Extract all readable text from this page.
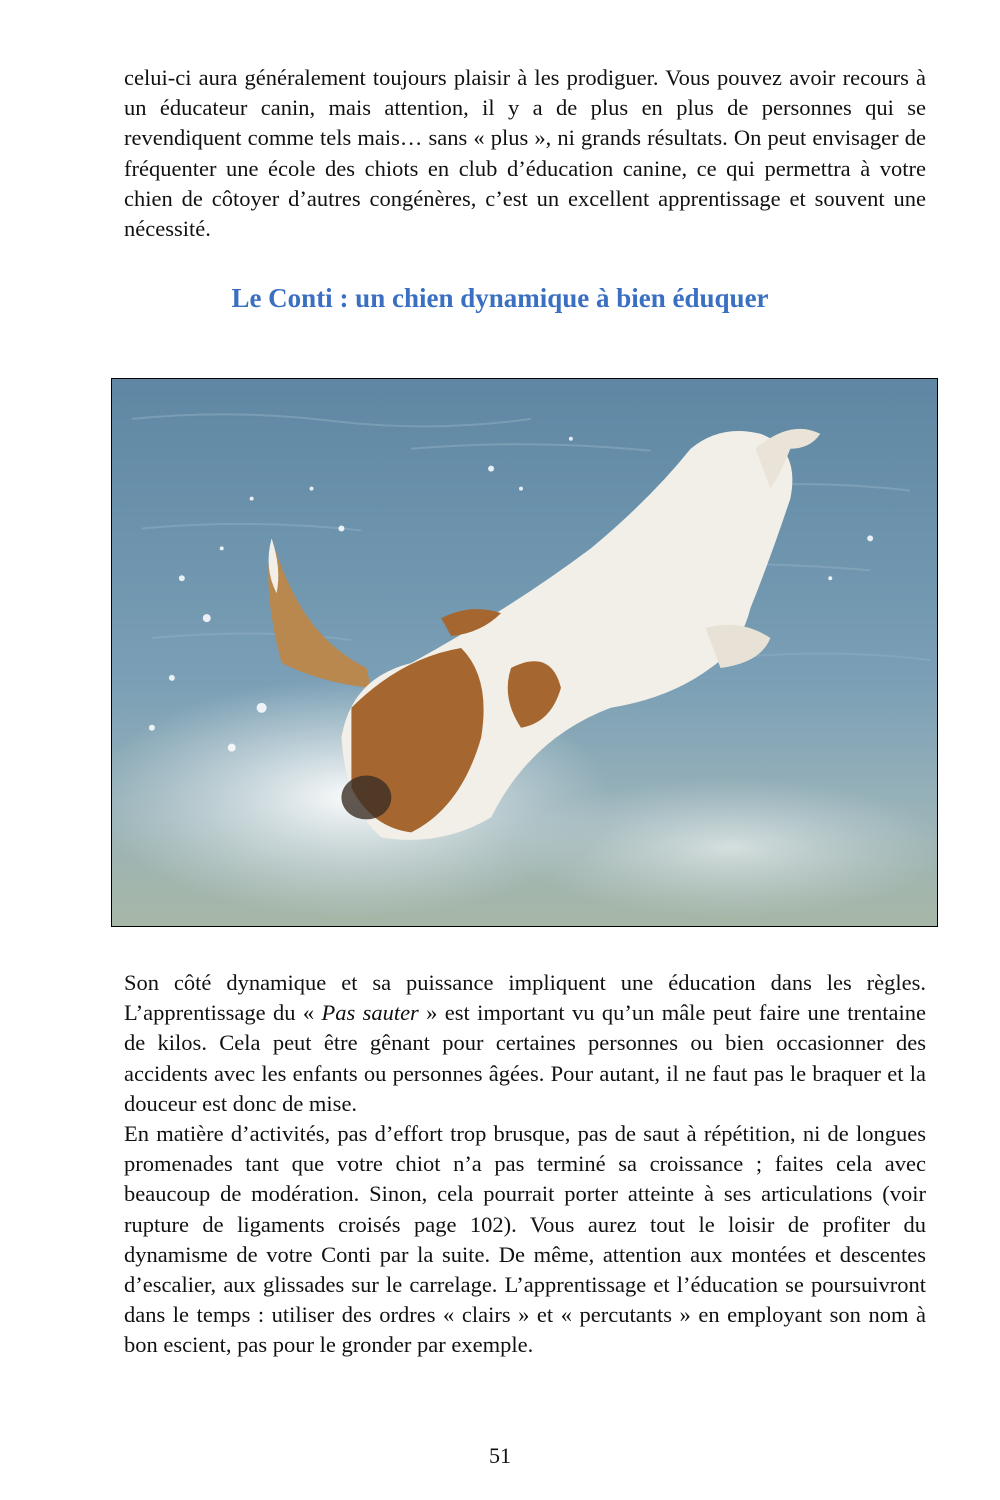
celui-ci aura généralement toujours plaisir à les prodiguer. Vous pouvez avoir recours à un éducateur canin, mais attention, il y a de plus en plus de personnes qui se revendiquent comme tels mais… sans « plus », ni grands résultats. On peut envisager de fréquenter une école des chiots en club d’éducation canine, ce qui permettra à votre chien de côtoyer d’autres congénères, c’est un excellent apprentissage et souvent une nécessité.

Le Conti : un chien dynamique à bien éduquer

Son côté dynamique et sa puissance impliquent une éducation dans les règles. L’apprentissage du « Pas sauter » est important vu qu’un mâle peut faire une trentaine de kilos. Cela peut être gênant pour certaines personnes ou bien occasionner des accidents avec les enfants ou personnes âgées. Pour autant, il ne faut pas le braquer et la douceur est donc de mise.

En matière d’activités, pas d’effort trop brusque, pas de saut à répétition, ni de longues promenades tant que votre chiot n’a pas terminé sa croissance ; faites cela avec beaucoup de modération. Sinon, cela pourrait porter atteinte à ses articulations (voir rupture de ligaments croisés page 102). Vous aurez tout le loisir de profiter du dynamisme de votre Conti par la suite. De même, attention aux montées et descentes d’escalier, aux glissades sur le carrelage. L’apprentissage et l’éducation se poursuivront dans le temps : utiliser des ordres « clairs » et « percutants » en employant son nom à bon escient, pas pour le gronder par exemple.

51
